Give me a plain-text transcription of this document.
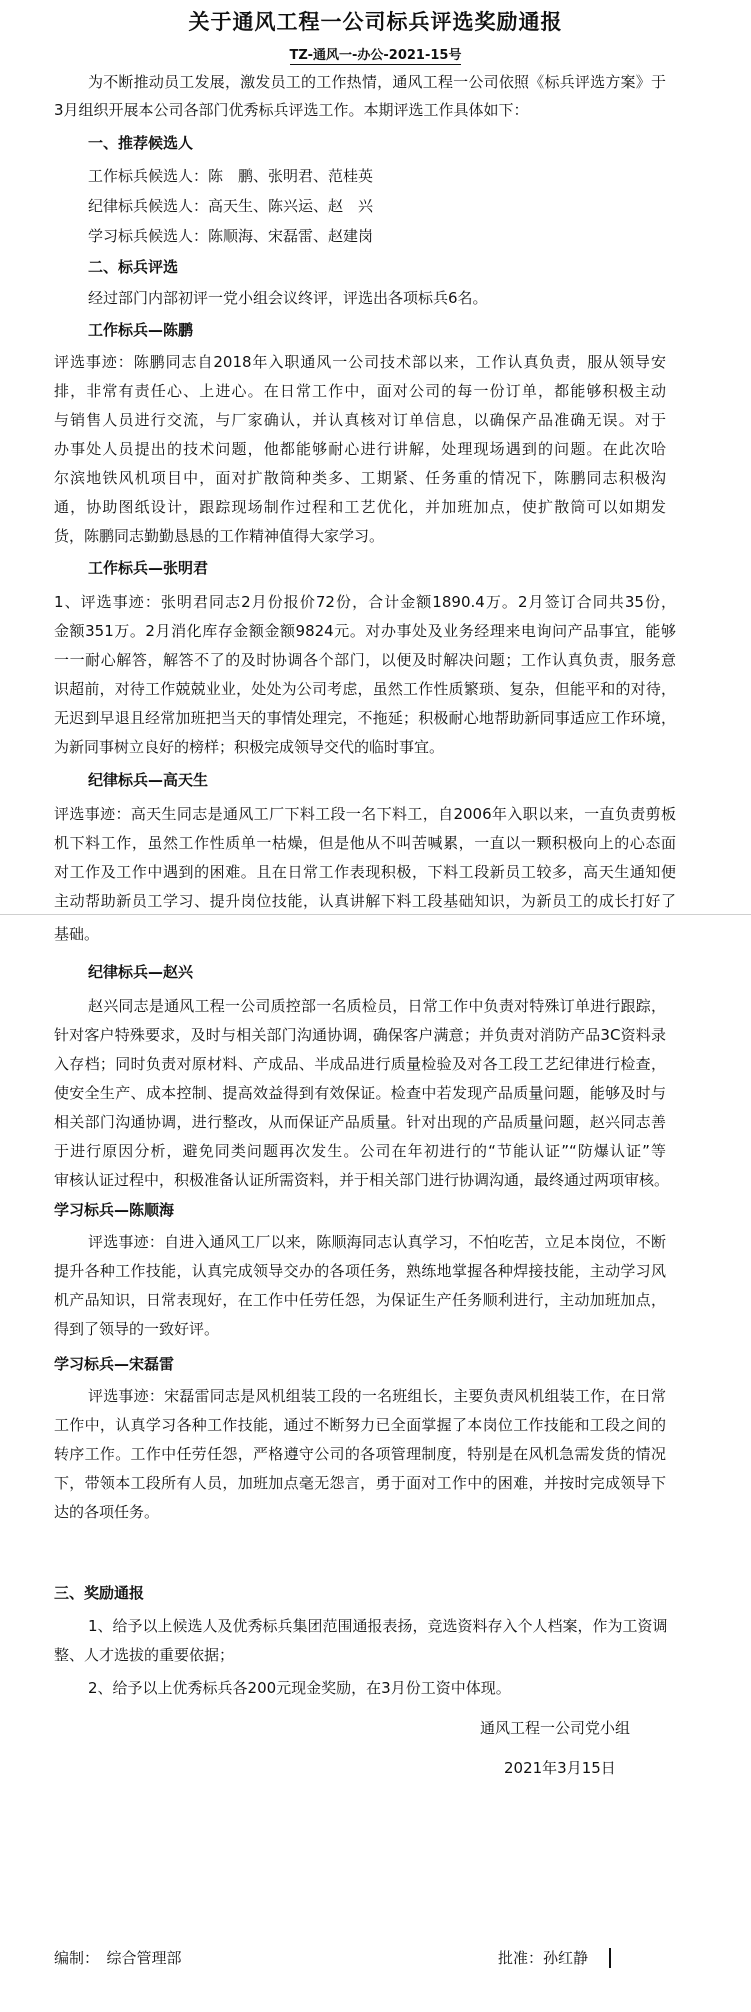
关于通风工程一公司标兵评选奖励通报
TZ-通风一-办公-2021-15号
为不断推动员工发展，激发员工的工作热情，通风工程一公司依照《标兵评选方案》于
3月组织开展本公司各部门优秀标兵评选工作。本期评选工作具体如下：
一、推荐候选人
工作标兵候选人：陈　鹏、张明君、范桂英
纪律标兵候选人：高天生、陈兴运、赵　兴
学习标兵候选人：陈顺海、宋磊雷、赵建岗
二、标兵评选
经过部门内部初评一党小组会议终评，评选出各项标兵6名。
工作标兵—陈鹏
评选事迹：陈鹏同志自2018年入职通风一公司技术部以来，工作认真负责，服从领导安
排，非常有责任心、上进心。在日常工作中，面对公司的每一份订单，都能够积极主动
与销售人员进行交流，与厂家确认，并认真核对订单信息，以确保产品准确无误。对于
办事处人员提出的技术问题，他都能够耐心进行讲解，处理现场遇到的问题。在此次哈
尔滨地铁风机项目中，面对扩散筒种类多、工期紧、任务重的情况下，陈鹏同志积极沟
通，协助图纸设计，跟踪现场制作过程和工艺优化，并加班加点，使扩散筒可以如期发
货，陈鹏同志勤勤恳恳的工作精神值得大家学习。
工作标兵—张明君
1、评选事迹：张明君同志2月份报价72份，合计金额1890.4万。2月签订合同共35份，
金额351万。2月消化库存金额金额9824元。对办事处及业务经理来电询问产品事宜，能够
一一耐心解答，解答不了的及时协调各个部门，以便及时解决问题；工作认真负责，服务意
识超前，对待工作兢兢业业，处处为公司考虑，虽然工作性质繁琐、复杂，但能平和的对待，
无迟到早退且经常加班把当天的事情处理完，不拖延；积极耐心地帮助新同事适应工作环境，
为新同事树立良好的榜样；积极完成领导交代的临时事宜。
纪律标兵—高天生
评选事迹：高天生同志是通风工厂下料工段一名下料工，自2006年入职以来，一直负责剪板
机下料工作，虽然工作性质单一枯燥，但是他从不叫苦喊累，一直以一颗积极向上的心态面
对工作及工作中遇到的困难。且在日常工作表现积极，下料工段新员工较多，高天生通知便
主动帮助新员工学习、提升岗位技能，认真讲解下料工段基础知识，为新员工的成长打好了
基础。
纪律标兵—赵兴
赵兴同志是通风工程一公司质控部一名质检员，日常工作中负责对特殊订单进行跟踪，
针对客户特殊要求，及时与相关部门沟通协调，确保客户满意；并负责对消防产品3C资料录
入存档；同时负责对原材料、产成品、半成品进行质量检验及对各工段工艺纪律进行检查，
使安全生产、成本控制、提高效益得到有效保证。检查中若发现产品质量问题，能够及时与
相关部门沟通协调，进行整改，从而保证产品质量。针对出现的产品质量问题，赵兴同志善
于进行原因分析，避免同类问题再次发生。公司在年初进行的“节能认证”“防爆认证”等
审核认证过程中，积极准备认证所需资料，并于相关部门进行协调沟通，最终通过两项审核。
学习标兵—陈顺海
评选事迹：自进入通风工厂以来，陈顺海同志认真学习，不怕吃苦，立足本岗位，不断
提升各种工作技能，认真完成领导交办的各项任务，熟练地掌握各种焊接技能，主动学习风
机产品知识，日常表现好，在工作中任劳任怨，为保证生产任务顺利进行，主动加班加点，
得到了领导的一致好评。
学习标兵—宋磊雷
评选事迹：宋磊雷同志是风机组装工段的一名班组长，主要负责风机组装工作，在日常
工作中，认真学习各种工作技能，通过不断努力已全面掌握了本岗位工作技能和工段之间的
转序工作。工作中任劳任怨，严格遵守公司的各项管理制度，特别是在风机急需发货的情况
下，带领本工段所有人员，加班加点毫无怨言，勇于面对工作中的困难，并按时完成领导下
达的各项任务。
三、奖励通报
1、给予以上候选人及优秀标兵集团范围通报表扬，竞选资料存入个人档案，作为工资调
整、人才选拔的重要依据；
2、给予以上优秀标兵各200元现金奖励，在3月份工资中体现。
通风工程一公司党小组
2021年3月15日
编制：　综合管理部	批准：孙红静
